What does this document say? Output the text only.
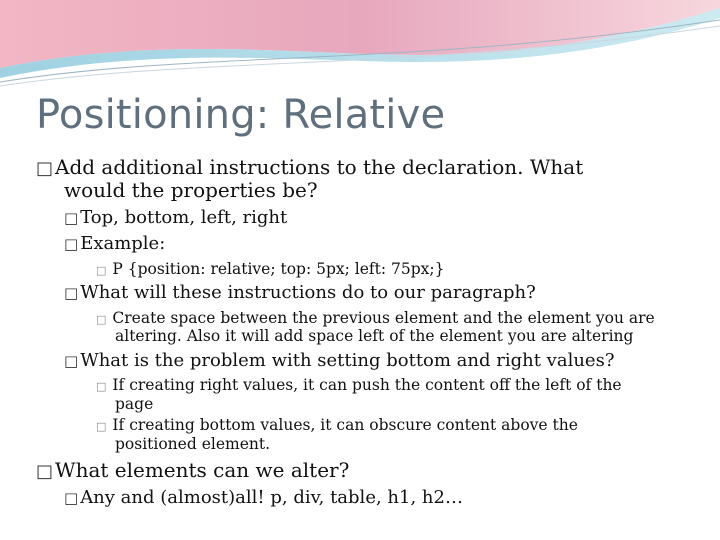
Positioning: Relative
□ Add additional instructions to the declaration. What
would the properties be?
□ Top, bottom, left, right
□ Example:
□ P {position: relative; top: 5px; left: 75px;}
□ What will these instructions do to our paragraph?
□ Create space between the previous element and the element you are
altering. Also it will add space left of the element you are altering
□ What is the problem with setting bottom and right values?
□ If creating right values, it can push the content off the left of the
page
□ If creating bottom values, it can obscure content above the
positioned element.
□ What elements can we alter?
□ Any and (almost)all! p, div, table, h1, h2…
